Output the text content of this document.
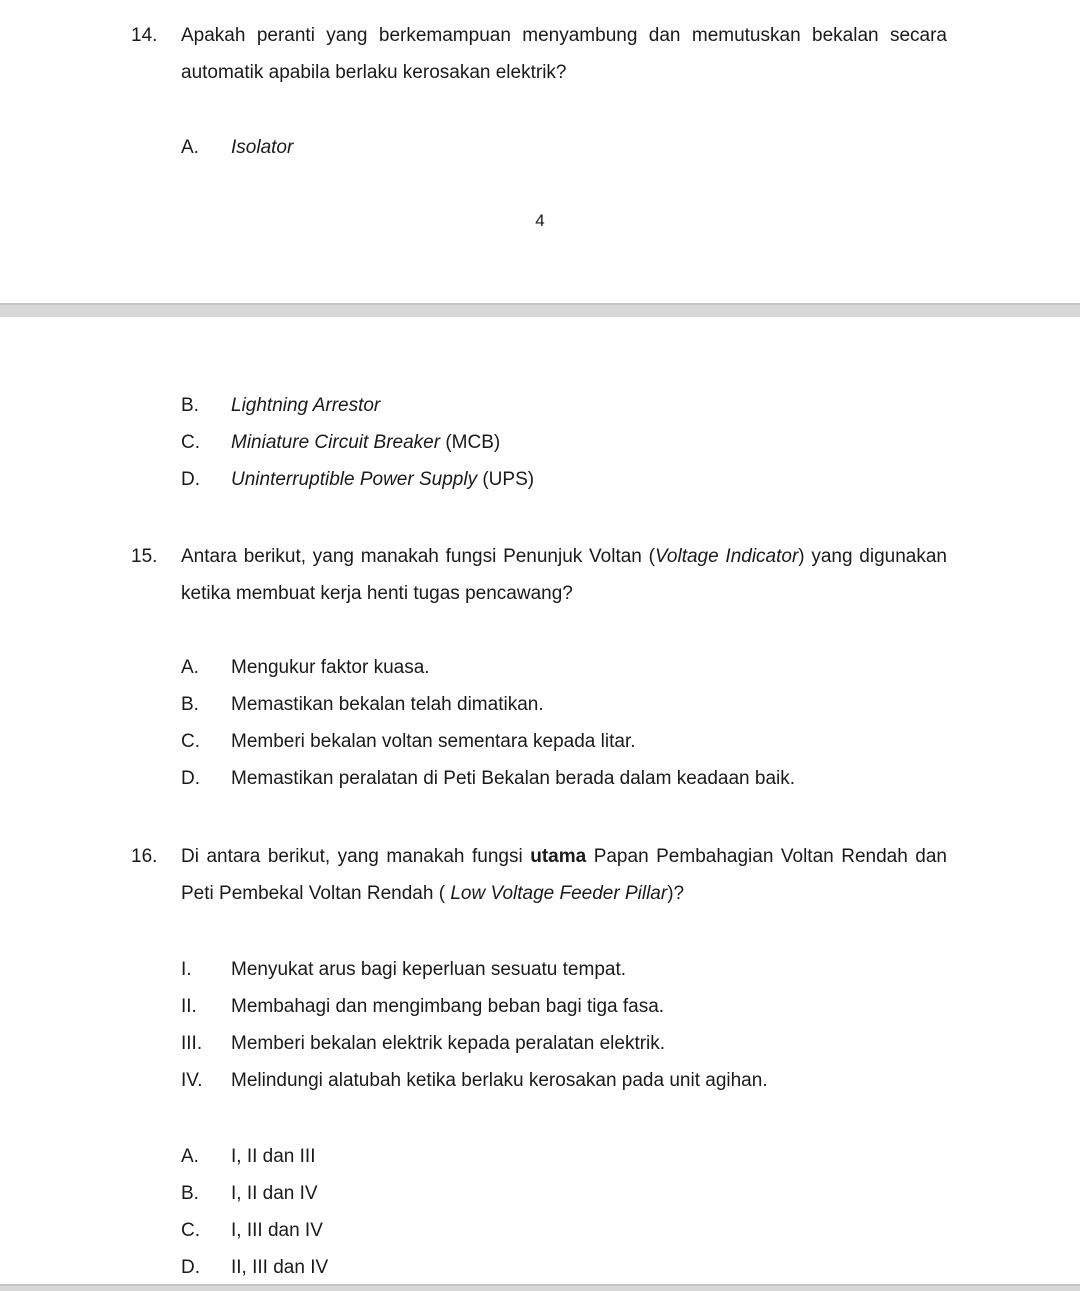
14.	Apakah peranti yang berkemampuan menyambung dan memutuskan bekalan secara automatik apabila berlaku kerosakan elektrik?
A.	Isolator
4
B.	Lightning Arrestor
C.	Miniature Circuit Breaker (MCB)
D.	Uninterruptible Power Supply (UPS)
15.	Antara berikut, yang manakah fungsi Penunjuk Voltan (Voltage Indicator) yang digunakan ketika membuat kerja henti tugas pencawang?
A.	Mengukur faktor kuasa.
B.	Memastikan bekalan telah dimatikan.
C.	Memberi bekalan voltan sementara kepada litar.
D.	Memastikan peralatan di Peti Bekalan berada dalam keadaan baik.
16.	Di antara berikut, yang manakah fungsi utama Papan Pembahagian Voltan Rendah dan Peti Pembekal Voltan Rendah ( Low Voltage Feeder Pillar)?
I.	Menyukat arus bagi keperluan sesuatu tempat.
II.	Membahagi dan mengimbang beban bagi tiga fasa.
III.	Memberi bekalan elektrik kepada peralatan elektrik.
IV.	Melindungi alatubah ketika berlaku kerosakan pada unit agihan.
A.	I, II dan III
B.	I, II dan IV
C.	I, III dan IV
D.	II, III dan IV
